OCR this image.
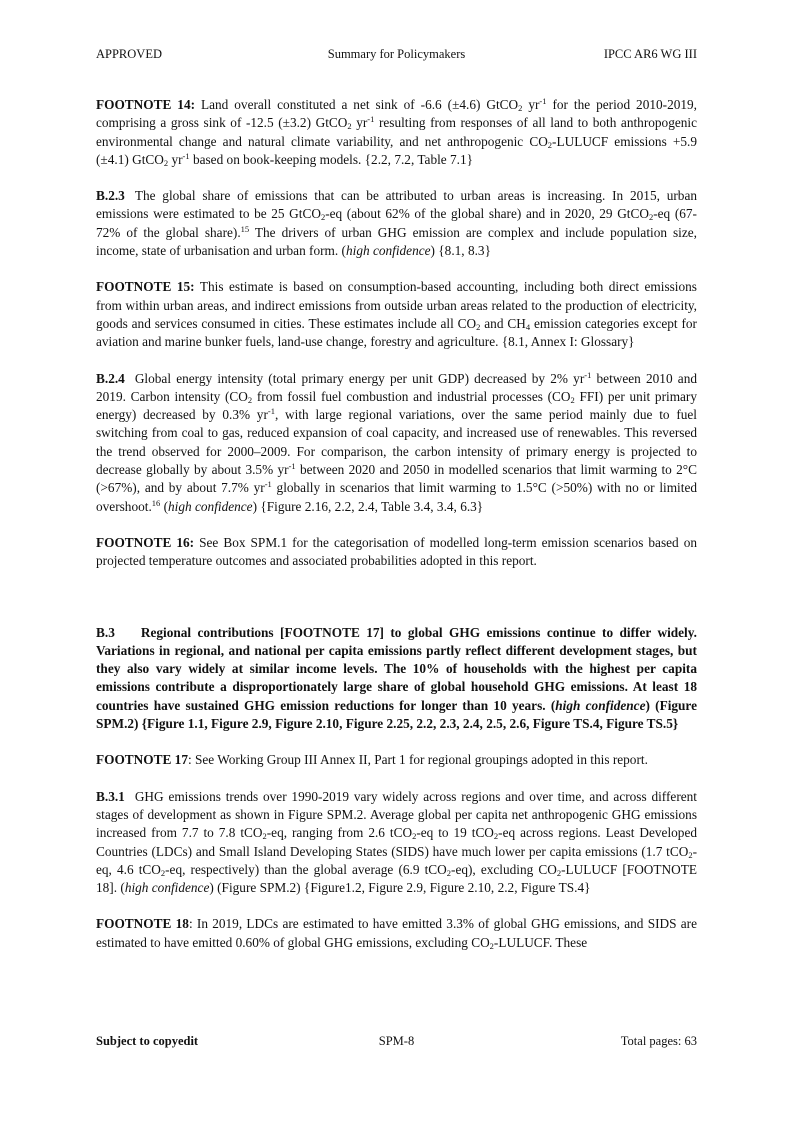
APPROVED	Summary for Policymakers	IPCC AR6 WG III

FOOTNOTE 14: Land overall constituted a net sink of -6.6 (±4.6) GtCO$_2$ $yr^{-1}$ for the period 2010-2019, comprising a gross sink of -12.5 (±3.2) GtCO$_2$ $yr^{-1}$ resulting from responses of all land to both anthropogenic environmental change and natural climate variability, and net anthropogenic $CO_2$-LULUCF emissions +5.9 (±4.1) GtCO$_2$ $yr^{-1}$ based on book-keeping models. {2.2, 7.2, Table 7.1}

B.2.3 The global share of emissions that can be attributed to urban areas is increasing. In 2015, urban emissions were estimated to be 25 GtCO$_2$-eq (about 62% of the global share) and in 2020, 29 GtCO$_2$-eq (67-72% of the global share).$^{15}$ The drivers of urban GHG emission are complex and include population size, income, state of urbanisation and urban form. (high confidence) {8.1, 8.3}

FOOTNOTE 15: This estimate is based on consumption-based accounting, including both direct emissions from within urban areas, and indirect emissions from outside urban areas related to the production of electricity, goods and services consumed in cities. These estimates include all $CO_2$ and $CH_4$ emission categories except for aviation and marine bunker fuels, land-use change, forestry and agriculture. {8.1, Annex I: Glossary}

B.2.4 Global energy intensity (total primary energy per unit GDP) decreased by 2% $yr^{-1}$ between 2010 and 2019. Carbon intensity ($CO_2$ from fossil fuel combustion and industrial processes ($CO_2$ FFI) per unit primary energy) decreased by 0.3% $yr^{-1}$, with large regional variations, over the same period mainly due to fuel switching from coal to gas, reduced expansion of coal capacity, and increased use of renewables. This reversed the trend observed for 2000–2009. For comparison, the carbon intensity of primary energy is projected to decrease globally by about 3.5% $yr^{-1}$ between 2020 and 2050 in modelled scenarios that limit warming to 2°C (>67%), and by about 7.7% $yr^{-1}$ globally in scenarios that limit warming to 1.5°C (>50%) with no or limited overshoot.$^{16}$ (high confidence) {Figure 2.16, 2.2, 2.4, Table 3.4, 3.4, 6.3}

FOOTNOTE 16: See Box SPM.1 for the categorisation of modelled long-term emission scenarios based on projected temperature outcomes and associated probabilities adopted in this report.

B.3 Regional contributions [FOOTNOTE 17] to global GHG emissions continue to differ widely. Variations in regional, and national per capita emissions partly reflect different development stages, but they also vary widely at similar income levels. The 10% of households with the highest per capita emissions contribute a disproportionately large share of global household GHG emissions. At least 18 countries have sustained GHG emission reductions for longer than 10 years. (high confidence) (Figure SPM.2) {Figure 1.1, Figure 2.9, Figure 2.10, Figure 2.25, 2.2, 2.3, 2.4, 2.5, 2.6, Figure TS.4, Figure TS.5}

FOOTNOTE 17: See Working Group III Annex II, Part 1 for regional groupings adopted in this report.

B.3.1 GHG emissions trends over 1990-2019 vary widely across regions and over time, and across different stages of development as shown in Figure SPM.2. Average global per capita net anthropogenic GHG emissions increased from 7.7 to 7.8 tCO$_2$-eq, ranging from 2.6 tCO$_2$-eq to 19 tCO$_2$-eq across regions. Least Developed Countries (LDCs) and Small Island Developing States (SIDS) have much lower per capita emissions (1.7 tCO$_2$-eq, 4.6 tCO$_2$-eq, respectively) than the global average (6.9 tCO$_2$-eq), excluding $CO_2$-LULUCF [FOOTNOTE 18]. (high confidence) (Figure SPM.2) {Figure1.2, Figure 2.9, Figure 2.10, 2.2, Figure TS.4}

FOOTNOTE 18: In 2019, LDCs are estimated to have emitted 3.3% of global GHG emissions, and SIDS are estimated to have emitted 0.60% of global GHG emissions, excluding $CO_2$-LULUCF. These

Subject to copyedit	SPM-8	Total pages: 63
